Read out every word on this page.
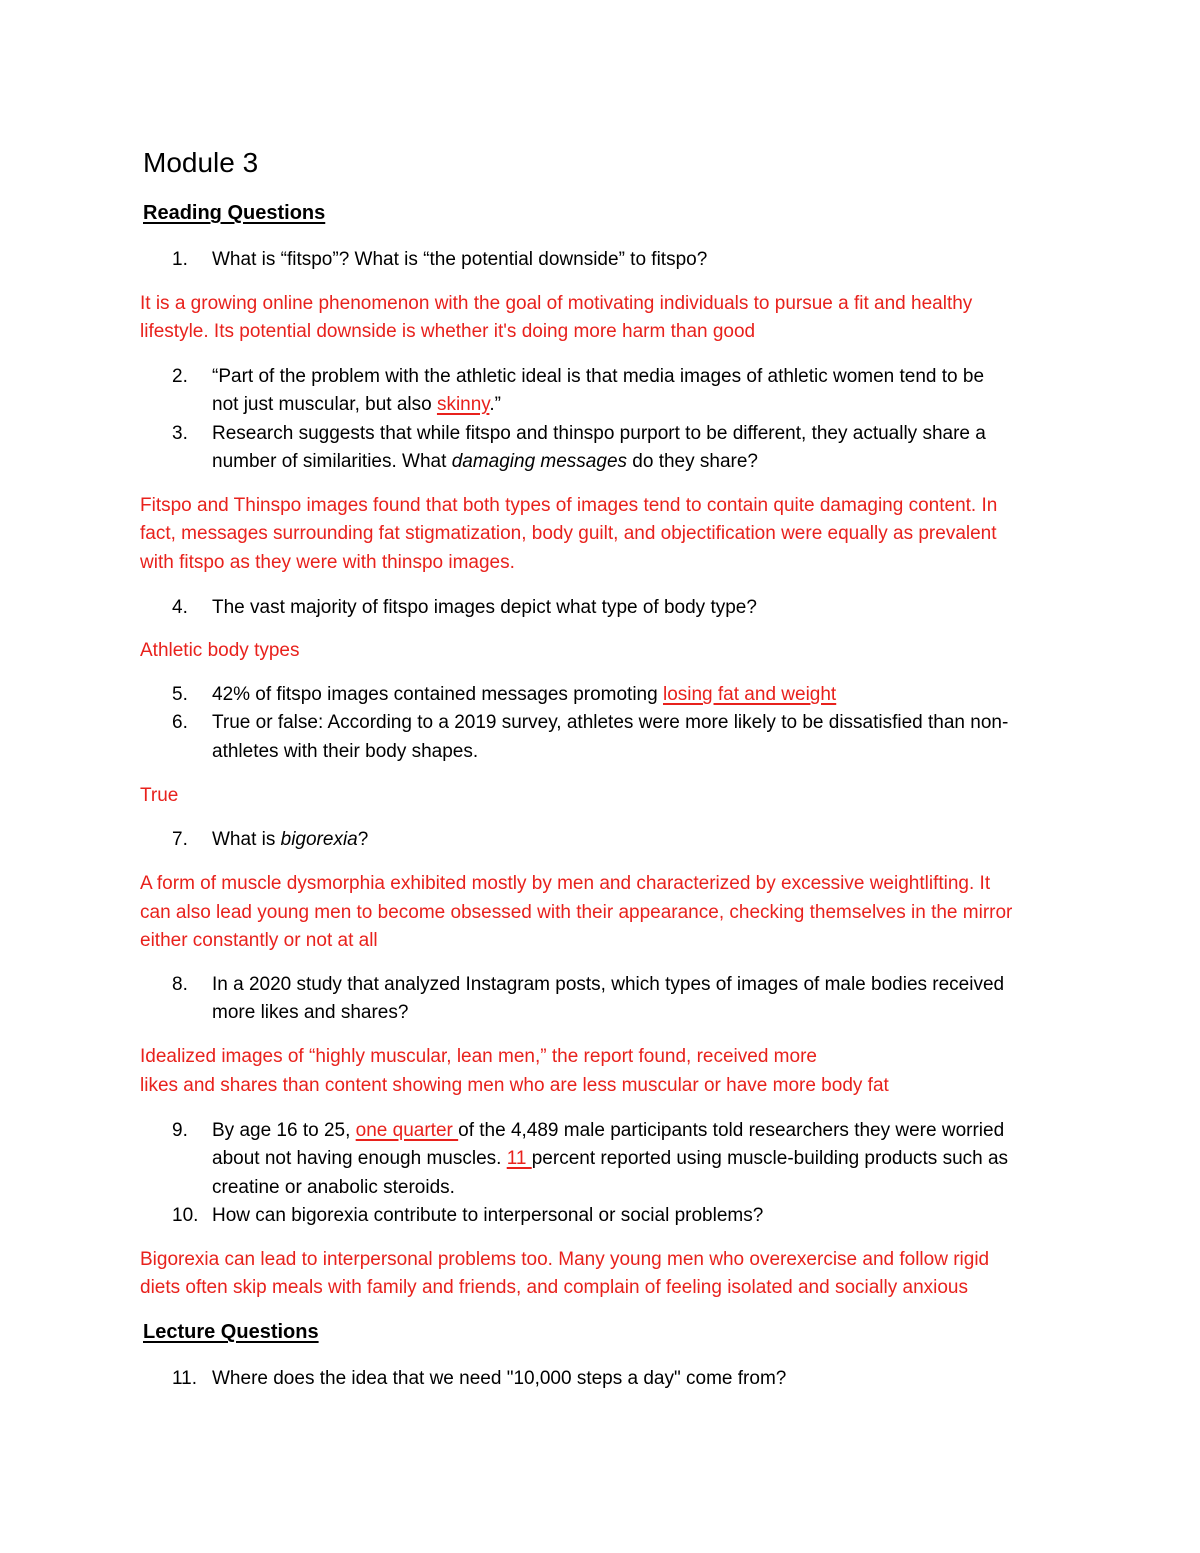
Module 3
Reading Questions
1.	What is “fitspo”? What is “the potential downside” to fitspo?
It is a growing online phenomenon with the goal of motivating individuals to pursue a fit and healthy
lifestyle. Its potential downside is whether it's doing more harm than good
2.	“Part of the problem with the athletic ideal is that media images of athletic women tend to be
not just muscular, but also skinny.”
3.	Research suggests that while fitspo and thinspo purport to be different, they actually share a
number of similarities. What damaging messages do they share?
Fitspo and Thinspo images found that both types of images tend to contain quite damaging content. In
fact, messages surrounding fat stigmatization, body guilt, and objectification were equally as prevalent
with fitspo as they were with thinspo images.
4.	The vast majority of fitspo images depict what type of body type?
Athletic body types
5.	42% of fitspo images contained messages promoting losing fat and weight
6.	True or false: According to a 2019 survey, athletes were more likely to be dissatisfied than non-
athletes with their body shapes.
True
7.	What is bigorexia?
A form of muscle dysmorphia exhibited mostly by men and characterized by excessive weightlifting. It
can also lead young men to become obsessed with their appearance, checking themselves in the mirror
either constantly or not at all
8.	In a 2020 study that analyzed Instagram posts, which types of images of male bodies received
more likes and shares?
Idealized images of “highly muscular, lean men,” the report found, received more
likes and shares than content showing men who are less muscular or have more body fat
9.	By age 16 to 25, one quarter of the 4,489 male participants told researchers they were worried
about not having enough muscles. 11 percent reported using muscle-building products such as
creatine or anabolic steroids.
10. How can bigorexia contribute to interpersonal or social problems?
Bigorexia can lead to interpersonal problems too. Many young men who overexercise and follow rigid
diets often skip meals with family and friends, and complain of feeling isolated and socially anxious
Lecture Questions
11. Where does the idea that we need "10,000 steps a day" come from?
